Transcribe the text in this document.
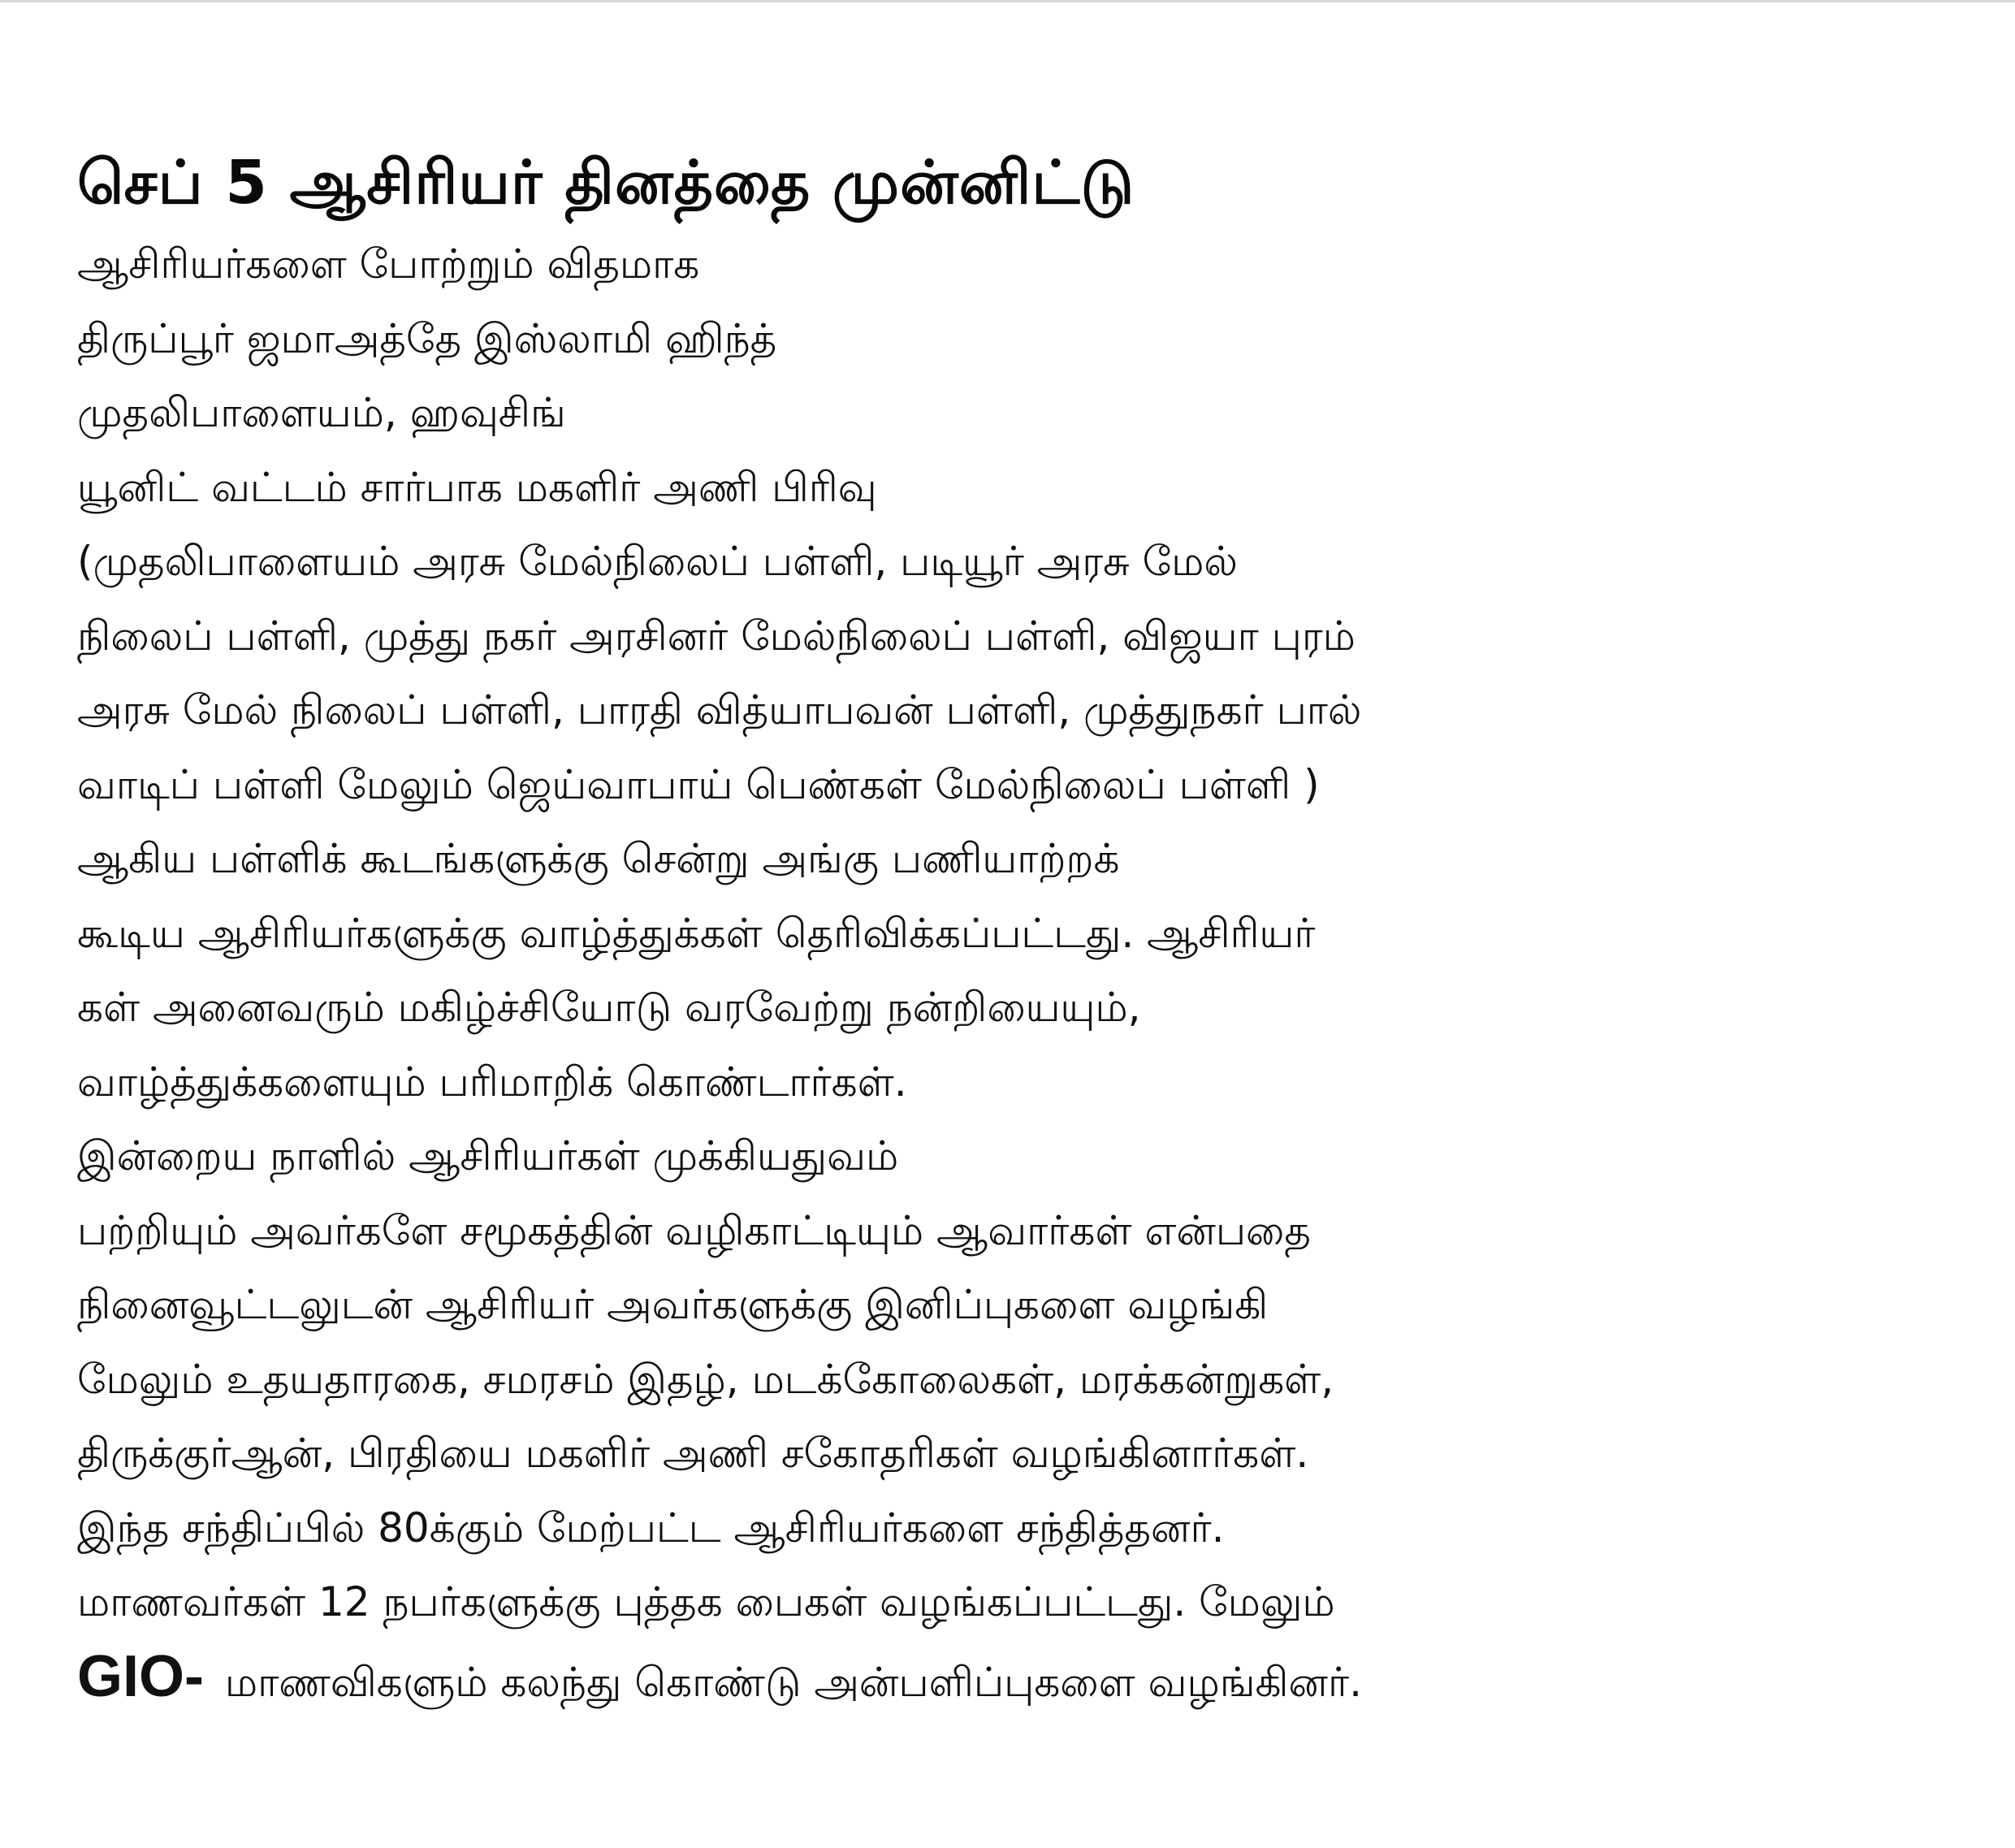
செப் 5 ஆசிரியர் தினத்தை முன்னிட்டு
ஆசிரியர்களை போற்றும் விதமாக
திருப்பூர் ஜமாஅத்தே இஸ்லாமி ஹிந்த்
முதலிபாளையம், ஹவுசிங்
யூனிட் வட்டம் சார்பாக மகளிர் அணி பிரிவு
(முதலிபாளையம் அரசு மேல்நிலைப் பள்ளி, படியூர் அரசு மேல்
நிலைப் பள்ளி, முத்து நகர் அரசினர் மேல்நிலைப் பள்ளி, விஜயா புரம்
அரசு மேல் நிலைப் பள்ளி, பாரதி வித்யாபவன் பள்ளி, முத்துநகர் பால்
வாடிப் பள்ளி மேலும் ஜெய்வாபாய் பெண்கள் மேல்நிலைப் பள்ளி )
ஆகிய பள்ளிக் கூடங்களுக்கு சென்று அங்கு பணியாற்றக்
கூடிய ஆசிரியர்களுக்கு வாழ்த்துக்கள் தெரிவிக்கப்பட்டது. ஆசிரியர்
கள் அனைவரும் மகிழ்ச்சியோடு வரவேற்று நன்றியையும்,
வாழ்த்துக்களையும் பரிமாறிக் கொண்டார்கள்.
இன்றைய நாளில் ஆசிரியர்கள் முக்கியதுவம்
பற்றியும் அவர்களே சமூகத்தின் வழிகாட்டியும் ஆவார்கள் என்பதை
நினைவூட்டலுடன் ஆசிரியர் அவர்களுக்கு இனிப்புகளை வழங்கி
மேலும் உதயதாரகை, சமரசம் இதழ், மடக்கோலைகள், மரக்கன்றுகள்,
திருக்குர்ஆன், பிரதியை மகளிர் அணி சகோதரிகள் வழங்கினார்கள்.
இந்த சந்திப்பில் 80க்கும் மேற்பட்ட ஆசிரியர்களை சந்தித்தனர்.
மாணவர்கள் 12 நபர்களுக்கு புத்தக பைகள் வழங்கப்பட்டது. மேலும்
GIO- மாணவிகளும் கலந்து கொண்டு அன்பளிப்புகளை வழங்கினர்.
